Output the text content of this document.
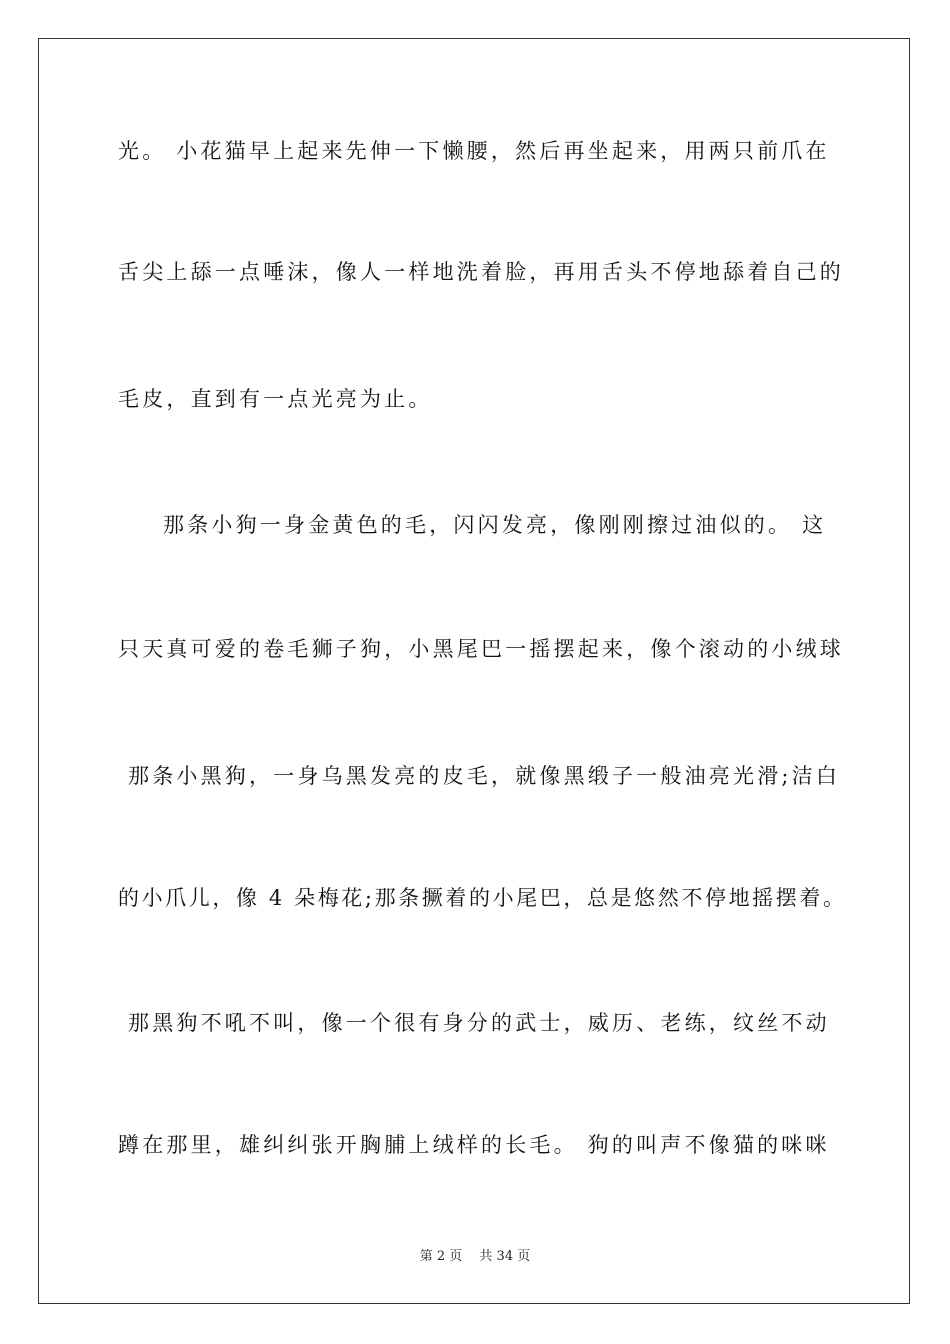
光。 小花猫早上起来先伸一下懒腰，然后再坐起来，用两只前爪在
舌尖上舔一点唾沫，像人一样地洗着脸，再用舌头不停地舔着自己的
毛皮，直到有一点光亮为止。
那条小狗一身金黄色的毛，闪闪发亮，像刚刚擦过油似的。 这
只天真可爱的卷毛狮子狗，小黑尾巴一摇摆起来，像个滚动的小绒球
那条小黑狗，一身乌黑发亮的皮毛，就像黑缎子一般油亮光滑;洁白
的小爪儿，像 4 朵梅花;那条撅着的小尾巴，总是悠然不停地摇摆着。
那黑狗不吼不叫，像一个很有身分的武士，威历、老练，纹丝不动
蹲在那里，雄纠纠张开胸脯上绒样的长毛。 狗的叫声不像猫的咪咪
第 2 页　 共 34 页
